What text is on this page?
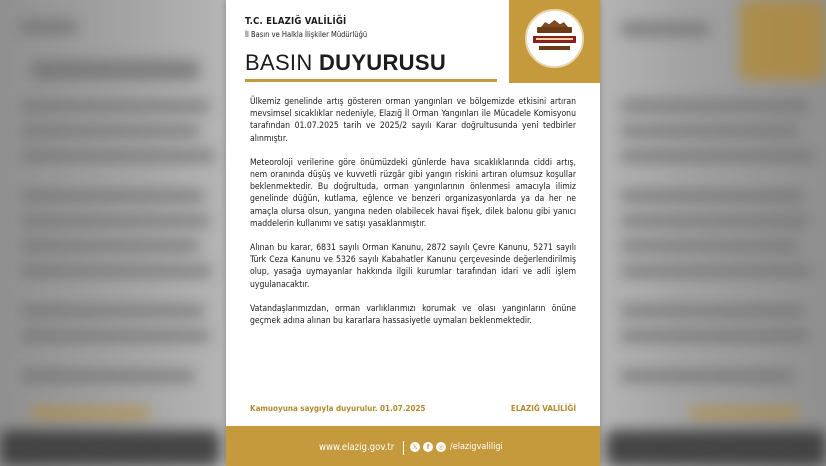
T.C. ELAZIĞ VALİLİĞİ
İl Basın ve Halkla İlişkiler Müdürlüğü
BASIN DUYURUSU

Ülkemiz genelinde artış gösteren orman yangınları ve bölgemizde etkisini artıran mevsimsel sıcaklıklar nedeniyle, Elazığ İl Orman Yangınları ile Mücadele Komisyonu tarafından 01.07.2025 tarih ve 2025/2 sayılı Karar doğrultusunda yeni tedbirler alınmıştır.

Meteoroloji verilerine göre önümüzdeki günlerde hava sıcaklıklarında ciddi artış, nem oranında düşüş ve kuvvetli rüzgâr gibi yangın riskini artıran olumsuz koşullar beklenmektedir. Bu doğrultuda, orman yangınlarının önlenmesi amacıyla ilimiz genelinde düğün, kutlama, eğlence ve benzeri organizasyonlarda ya da her ne amaçla olursa olsun, yangına neden olabilecek havai fişek, dilek balonu gibi yanıcı maddelerin kullanımı ve satışı yasaklanmıştır.

Alınan bu karar, 6831 sayılı Orman Kanunu, 2872 sayılı Çevre Kanunu, 5271 sayılı Türk Ceza Kanunu ve 5326 sayılı Kabahatler Kanunu çerçevesinde değerlendirilmiş olup, yasağa uymayanlar hakkında ilgili kurumlar tarafından idari ve adli işlem uygulanacaktır.

Vatandaşlarımızdan, orman varlıklarımızı korumak ve olası yangınların önüne geçmek adına alınan bu kararlara hassasiyetle uymaları beklenmektedir.

Kamuoyuna saygıyla duyurulur. 01.07.2025	ELAZIĞ VALİLİĞİ
www.elazig.gov.tr	𝕏	f	◎ /elazigvaliligi
